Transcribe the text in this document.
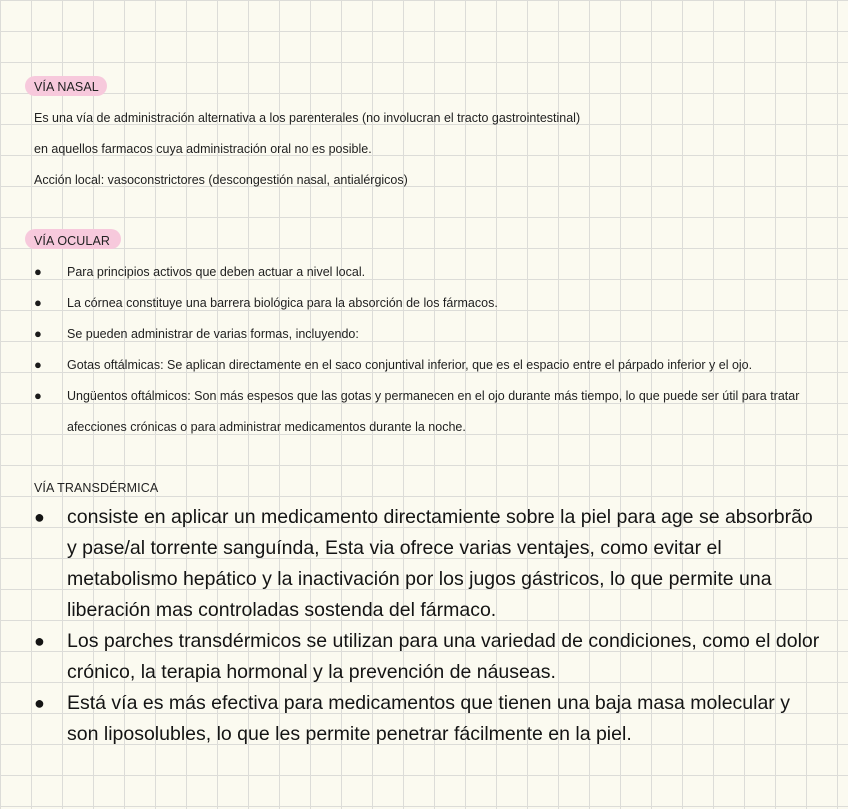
VÍA NASAL
Es una vía de administración alternativa a los parenterales (no involucran el tracto gastrointestinal)
en aquellos farmacos cuya administración oral no es posible.
Acción local: vasoconstrictores (descongestión nasal, antialérgicos)
VÍA OCULAR
● Para principios activos que deben actuar a nivel local.
● La córnea constituye una barrera biológica para la absorción de los fármacos.
● Se pueden administrar de varias formas, incluyendo:
● Gotas oftálmicas: Se aplican directamente en el saco conjuntival inferior, que es el espacio entre el párpado inferior y el ojo.
● Ungüentos oftálmicos: Son más espesos que las gotas y permanecen en el ojo durante más tiempo, lo que puede ser útil para tratar
afecciones crónicas o para administrar medicamentos durante la noche.
VÍA TRANSDÉRMICA
● consiste en aplicar un medicamento directamiente sobre la piel para age se absorbrão y pase/al torrente sanguínda, Esta via ofrece varias ventajes, como evitar el metabolismo hepático y la inactivación por los jugos gástricos, lo que permite una liberación mas controladas sostenda del fármaco.
● Los parches transdérmicos se utilizan para una variedad de condiciones, como el dolor crónico, la terapia hormonal y la prevención de náuseas.
● Está vía es más efectiva para medicamentos que tienen una baja masa molecular y son liposolubles, lo que les permite penetrar fácilmente en la piel.
